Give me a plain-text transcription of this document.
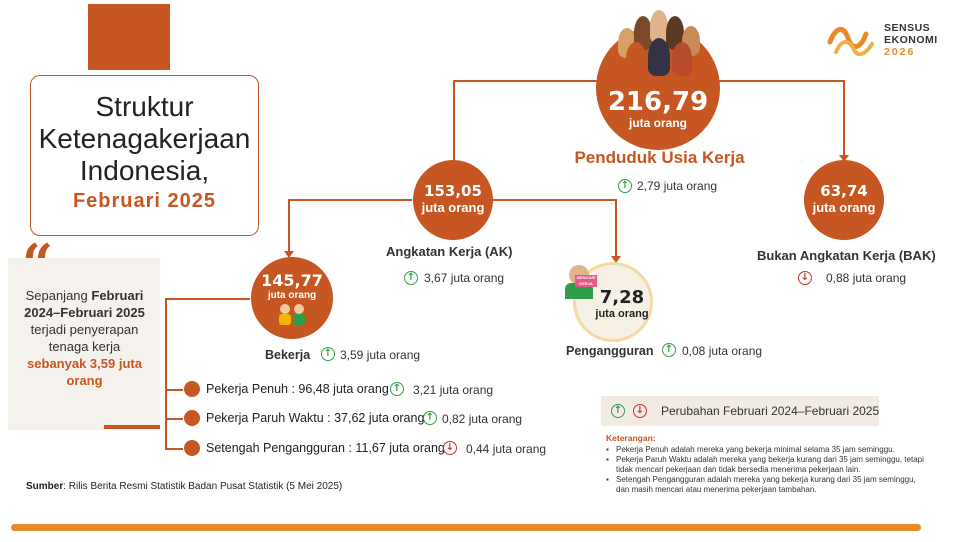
Struktur
Ketenagakerjaan
Indonesia,
Februari 2025
SENSUS
EKONOMI
2026
“
Sepanjang Februari
2024–Februari 2025
terjadi penyerapan
tenaga kerja
sebanyak 3,59 juta
orang
216,79
juta orang
Penduduk Usia Kerja
↑ 2,79 juta orang
153,05
juta orang
Angkatan Kerja (AK)
↑ 3,67 juta orang
63,74
juta orang
Bukan Angkatan Kerja (BAK)
↓ 0,88 juta orang
145,77
juta orang
Bekerja ↑ 3,59 juta orang
7,28
juta orang
MENCARI KERJA
Pengangguran ↑ 0,08 juta orang
Pekerja Penuh : 96,48 juta orang ↑ 3,21 juta orang
Pekerja Paruh Waktu : 37,62 juta orang ↑ 0,82 juta orang
Setengah Pengangguran : 11,67 juta orang ↓ 0,44 juta orang
↑ ↓ Perubahan Februari 2024–Februari 2025
Keterangan:
▪ Pekerja Penuh adalah mereka yang bekerja minimal selama 35 jam seminggu.
▪ Pekerja Paruh Waktu adalah mereka yang bekerja kurang dari 35 jam seminggu, tetapi tidak mencari pekerjaan dan tidak bersedia menerima pekerjaan lain.
▪ Setengah Pengangguran adalah mereka yang bekerja kurang dari 35 jam seminggu, dan masih mencari atau menerima pekerjaan tambahan.
Sumber: Rilis Berita Resmi Statistik Badan Pusat Statistik (5 Mei 2025)
